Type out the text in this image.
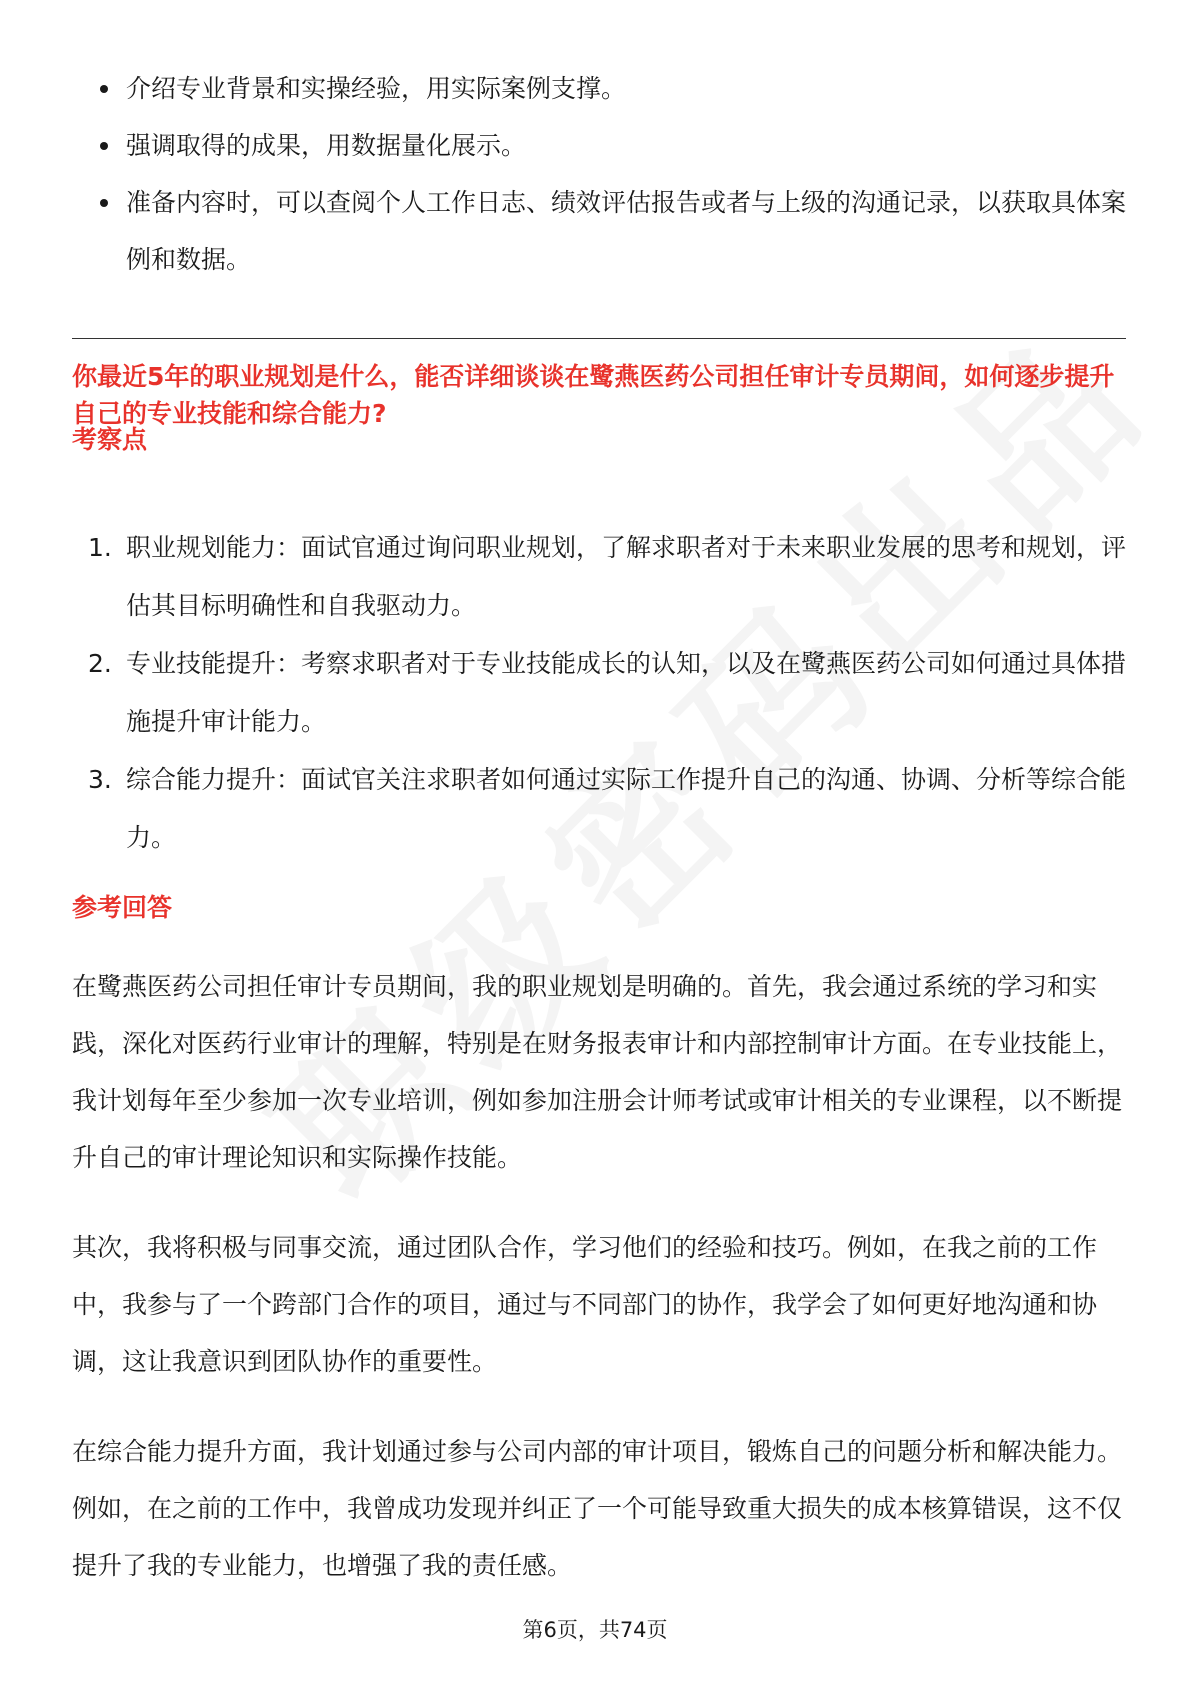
介绍专业背景和实操经验，用实际案例支撑。
强调取得的成果，用数据量化展示。
准备内容时，可以查阅个人工作日志、绩效评估报告或者与上级的沟通记录，以获取具体案例和数据。
你最近5年的职业规划是什么，能否详细谈谈在鹭燕医药公司担任审计专员期间，如何逐步提升自己的专业技能和综合能力?
考察点
1. 职业规划能力：面试官通过询问职业规划，了解求职者对于未来职业发展的思考和规划，评估其目标明确性和自我驱动力。
2. 专业技能提升：考察求职者对于专业技能成长的认知，以及在鹭燕医药公司如何通过具体措施提升审计能力。
3. 综合能力提升：面试官关注求职者如何通过实际工作提升自己的沟通、协调、分析等综合能力。
参考回答

在鹭燕医药公司担任审计专员期间，我的职业规划是明确的。首先，我会通过系统的学习和实践，深化对医药行业审计的理解，特别是在财务报表审计和内部控制审计方面。在专业技能上，我计划每年至少参加一次专业培训，例如参加注册会计师考试或审计相关的专业课程，以不断提升自己的审计理论知识和实际操作技能。

其次，我将积极与同事交流，通过团队合作，学习他们的经验和技巧。例如，在我之前的工作中，我参与了一个跨部门合作的项目，通过与不同部门的协作，我学会了如何更好地沟通和协调，这让我意识到团队协作的重要性。

在综合能力提升方面，我计划通过参与公司内部的审计项目，锻炼自己的问题分析和解决能力。例如，在之前的工作中，我曾成功发现并纠正了一个可能导致重大损失的成本核算错误，这不仅提升了我的专业能力，也增强了我的责任感。

第6页，共74页
